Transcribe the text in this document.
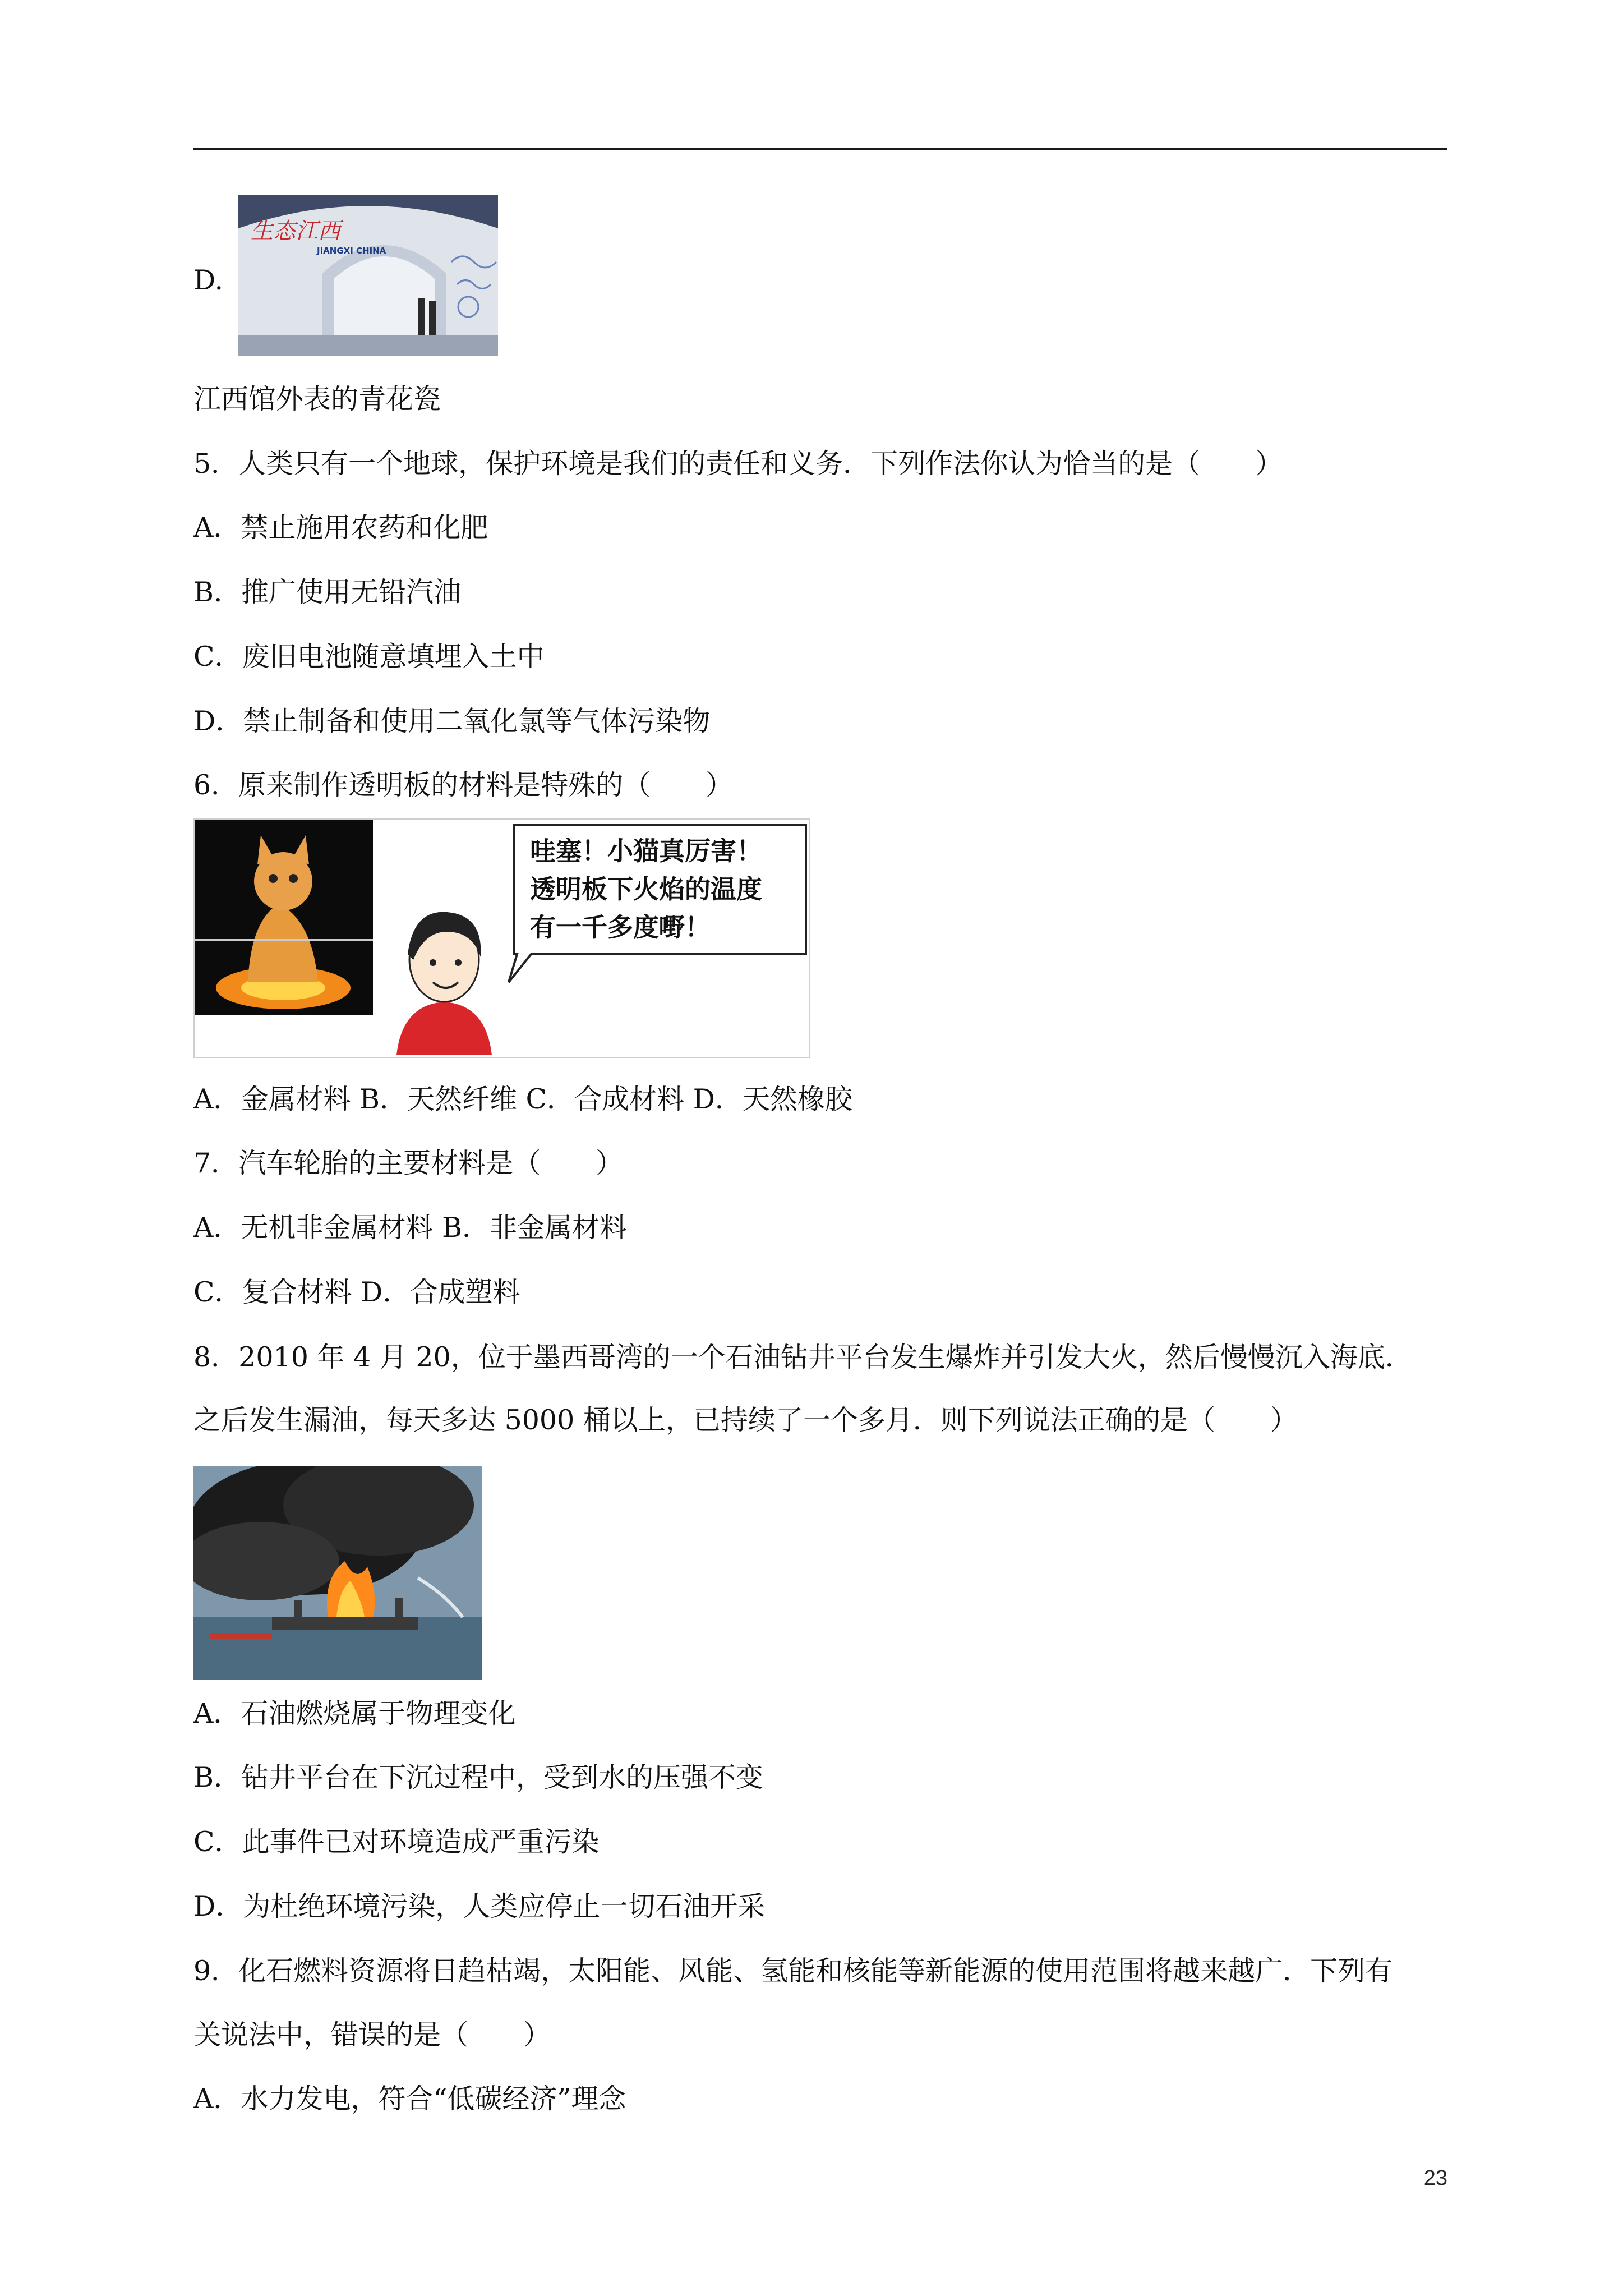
D.
生态江西
JIANGXI CHINA
江西馆外表的青花瓷
5．人类只有一个地球，保护环境是我们的责任和义务．下列作法你认为恰当的是（　　）
A．禁止施用农药和化肥
B．推广使用无铅汽油
C．废旧电池随意填埋入土中
D．禁止制备和使用二氧化氯等气体污染物
6．原来制作透明板的材料是特殊的（　　）
哇塞！小猫真厉害！
透明板下火焰的温度
有一千多度嘢！
A．金属材料 B．天然纤维 C．合成材料 D．天然橡胶
7．汽车轮胎的主要材料是（　　）
A．无机非金属材料 B．非金属材料
C．复合材料 D．合成塑料
8．2010 年 4 月 20，位于墨西哥湾的一个石油钻井平台发生爆炸并引发大火，然后慢慢沉入海底．
之后发生漏油，每天多达 5000 桶以上，已持续了一个多月．则下列说法正确的是（　　）
A．石油燃烧属于物理变化
B．钻井平台在下沉过程中，受到水的压强不变
C．此事件已对环境造成严重污染
D．为杜绝环境污染，人类应停止一切石油开采
9．化石燃料资源将日趋枯竭，太阳能、风能、氢能和核能等新能源的使用范围将越来越广．下列有
关说法中，错误的是（　　）
A．水力发电，符合“低碳经济”理念
23
